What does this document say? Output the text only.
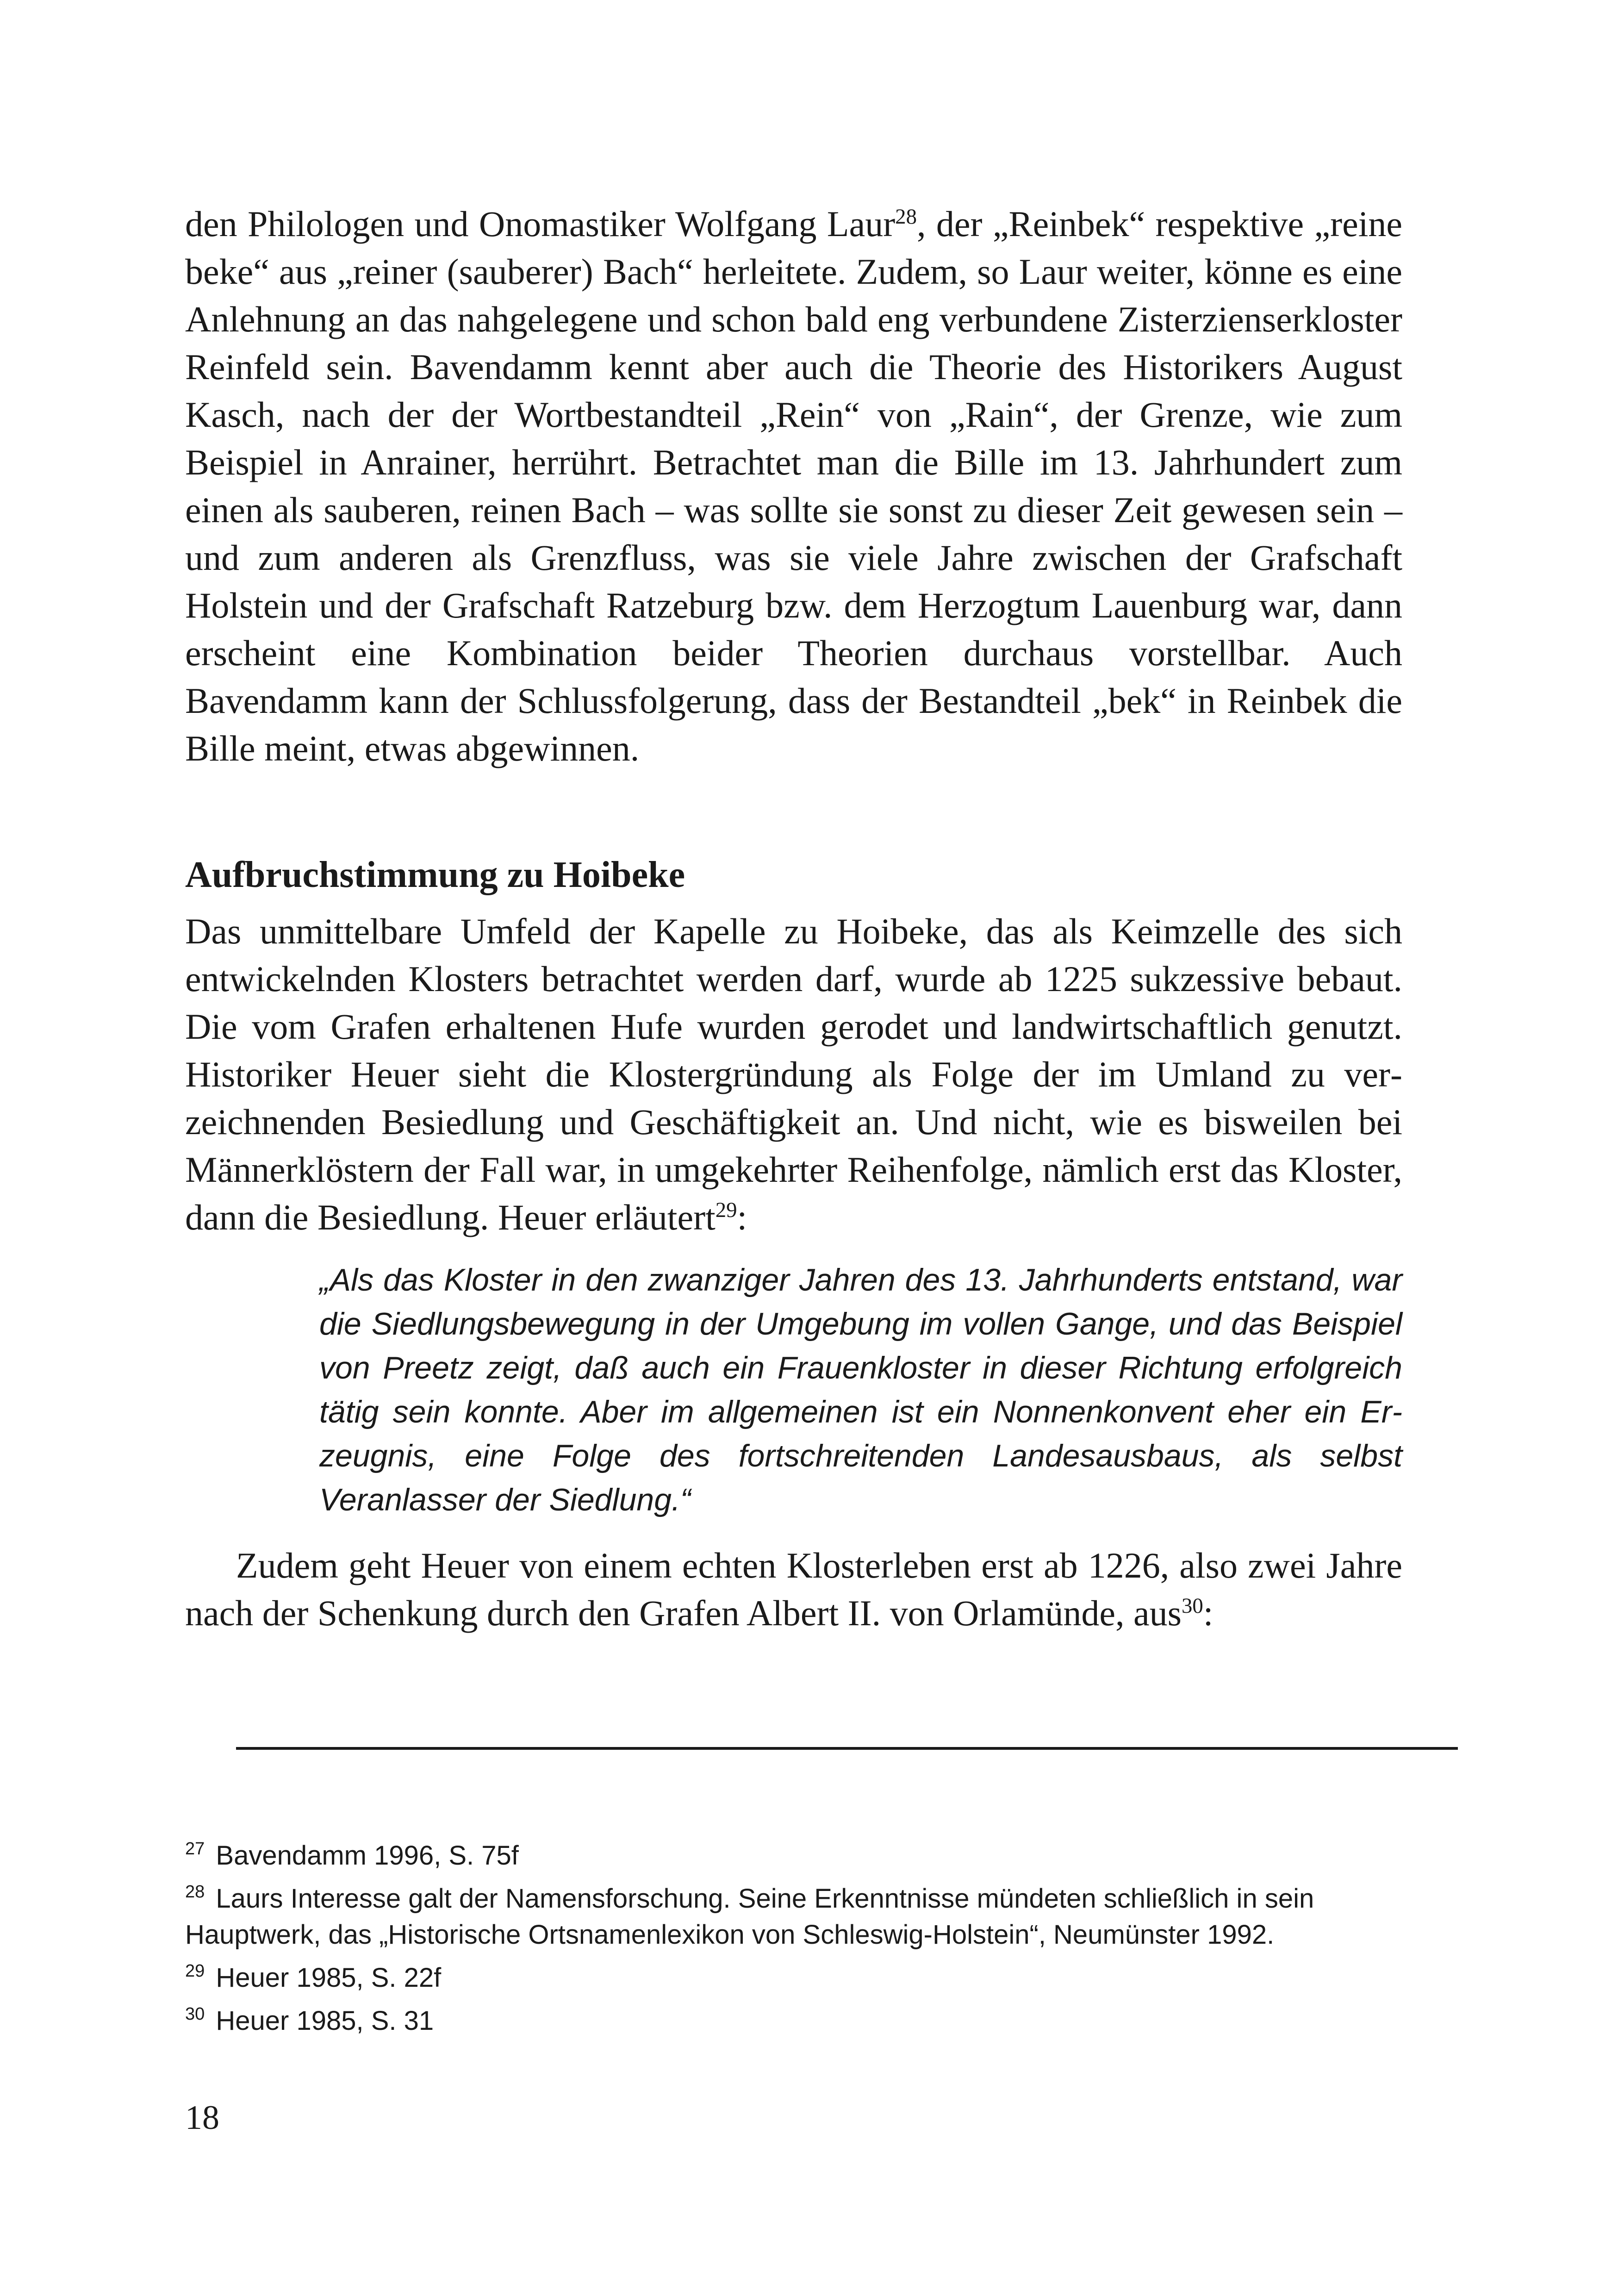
den Philologen und Onomastiker Wolfgang Laur$^{28}$, der „Reinbek“ respektive „reine beke“ aus „reiner (sauberer) Bach“ herleitete. Zudem, so Laur weiter, könne es eine Anlehnung an das nahgelegene und schon bald eng verbundene Zisterzienserkloster Reinfeld sein. Bavendamm kennt aber auch die Theorie des Historikers August Kasch, nach der der Wortbestandteil „Rein“ von „Rain“, der Grenze, wie zum Beispiel in Anrainer, herrührt. Betrachtet man die Bille im 13. Jahrhundert zum einen als sauberen, reinen Bach – was sollte sie sonst zu dieser Zeit gewesen sein – und zum anderen als Grenzfluss, was sie viele Jahre zwischen der Grafschaft Holstein und der Grafschaft Ratzeburg bzw. dem Herzogtum Lauenburg war, dann erscheint eine Kombination beider Theorien durchaus vorstellbar. Auch Bavendamm kann der Schlussfolgerung, dass der Bestandteil „bek“ in Reinbek die Bille meint, etwas abgewinnen.

Aufbruchstimmung zu Hoibeke

Das unmittelbare Umfeld der Kapelle zu Hoibeke, das als Keimzelle des sich entwickelnden Klosters betrachtet werden darf, wurde ab 1225 sukzessive bebaut. Die vom Grafen erhaltenen Hufe wurden gerodet und landwirtschaftlich genutzt. Historiker Heuer sieht die Klostergründung als Folge der im Umland zu verzeichnenden Besiedlung und Geschäftigkeit an. Und nicht, wie es bisweilen bei Männerklöstern der Fall war, in umgekehrter Reihenfolge, nämlich erst das Kloster, dann die Besiedlung. Heuer erläutert$^{29}$:

„Als das Kloster in den zwanziger Jahren des 13. Jahrhunderts entstand, war die Siedlungsbewegung in der Umgebung im vollen Gange, und das Beispiel von Preetz zeigt, daß auch ein Frauenkloster in dieser Richtung erfolgreich tätig sein konnte. Aber im allgemeinen ist ein Nonnenkonvent eher ein Erzeugnis, eine Folge des fortschreitenden Landesausbaus, als selbst Veranlasser der Siedlung.“

Zudem geht Heuer von einem echten Klosterleben erst ab 1226, also zwei Jahre nach der Schenkung durch den Grafen Albert II. von Orlamünde, aus$^{30}$:

$^{27}$ Bavendamm 1996, S. 75f

$^{28}$ Laurs Interesse galt der Namensforschung. Seine Erkenntnisse mündeten schließlich in sein Hauptwerk, das „Historische Ortsnamenlexikon von Schleswig-Holstein“, Neumünster 1992.

$^{29}$ Heuer 1985, S. 22f

$^{30}$ Heuer 1985, S. 31

18
